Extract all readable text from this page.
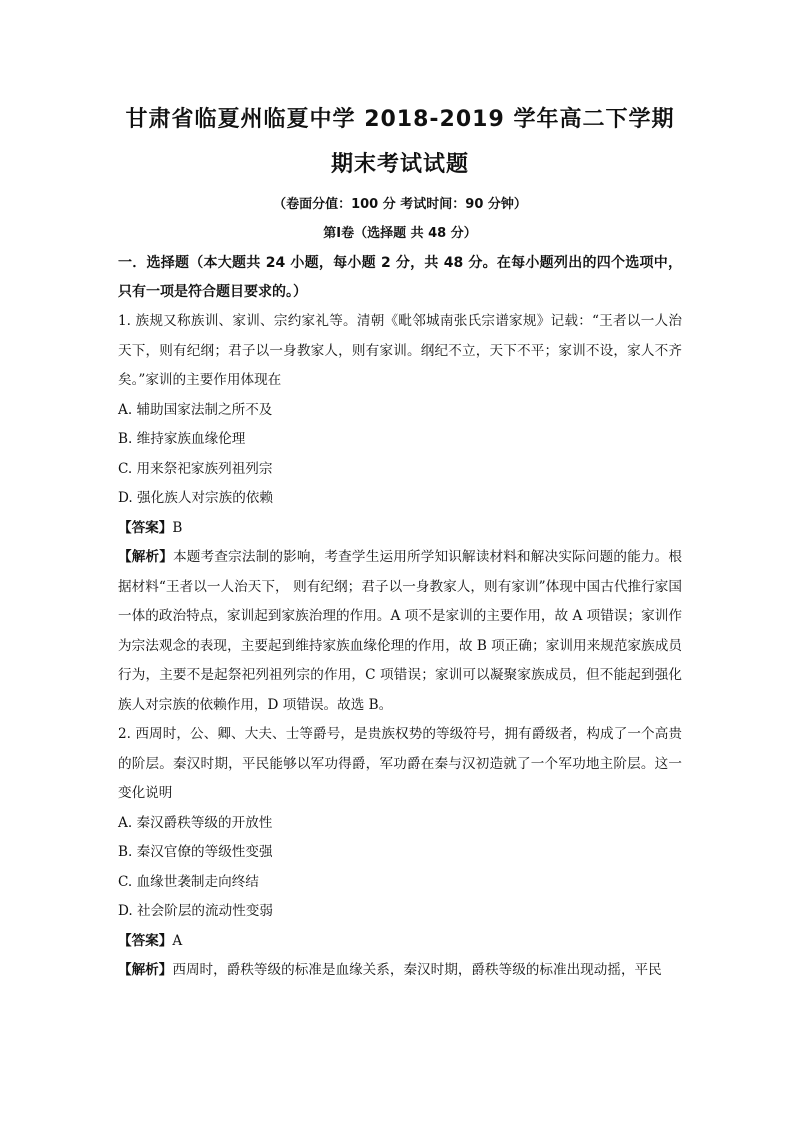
甘肃省临夏州临夏中学 2018-2019 学年高二下学期
期末考试试题
（卷面分值：100 分 考试时间：90 分钟）
第Ⅰ卷（选择题 共 48 分）
一．选择题（本大题共 24 小题，每小题 2 分，共 48 分。在每小题列出的四个选项中，只有一项是符合题目要求的。）

1. 族规又称族训、家训、宗约家礼等。清朝《毗邻城南张氏宗谱家规》记载：“王者以一人治天下，则有纪纲；君子以一身教家人，则有家训。纲纪不立，天下不平；家训不设，家人不齐矣。”家训的主要作用体现在

A. 辅助国家法制之所不及

B. 维持家族血缘伦理

C. 用来祭祀家族列祖列宗

D. 强化族人对宗族的依赖

【答案】B

【解析】本题考查宗法制的影响，考查学生运用所学知识解读材料和解决实际问题的能力。根据材料“王者以一人治天下， 则有纪纲；君子以一身教家人，则有家训”体现中国古代推行家国一体的政治特点，家训起到家族治理的作用。A 项不是家训的主要作用，故 A 项错误；家训作为宗法观念的表现，主要起到维持家族血缘伦理的作用，故 B 项正确；家训用来规范家族成员行为，主要不是起祭祀列祖列宗的作用，C 项错误；家训可以凝聚家族成员，但不能起到强化族人对宗族的依赖作用，D 项错误。故选 B。

2. 西周时，公、卿、大夫、士等爵号，是贵族权势的等级符号，拥有爵级者，构成了一个高贵的阶层。秦汉时期，平民能够以军功得爵，军功爵在秦与汉初造就了一个军功地主阶层。这一变化说明

A. 秦汉爵秩等级的开放性

B. 秦汉官僚的等级性变强

C. 血缘世袭制走向终结

D. 社会阶层的流动性变弱

【答案】A

【解析】西周时，爵秩等级的标准是血缘关系，秦汉时期，爵秩等级的标准出现动摇，平民
